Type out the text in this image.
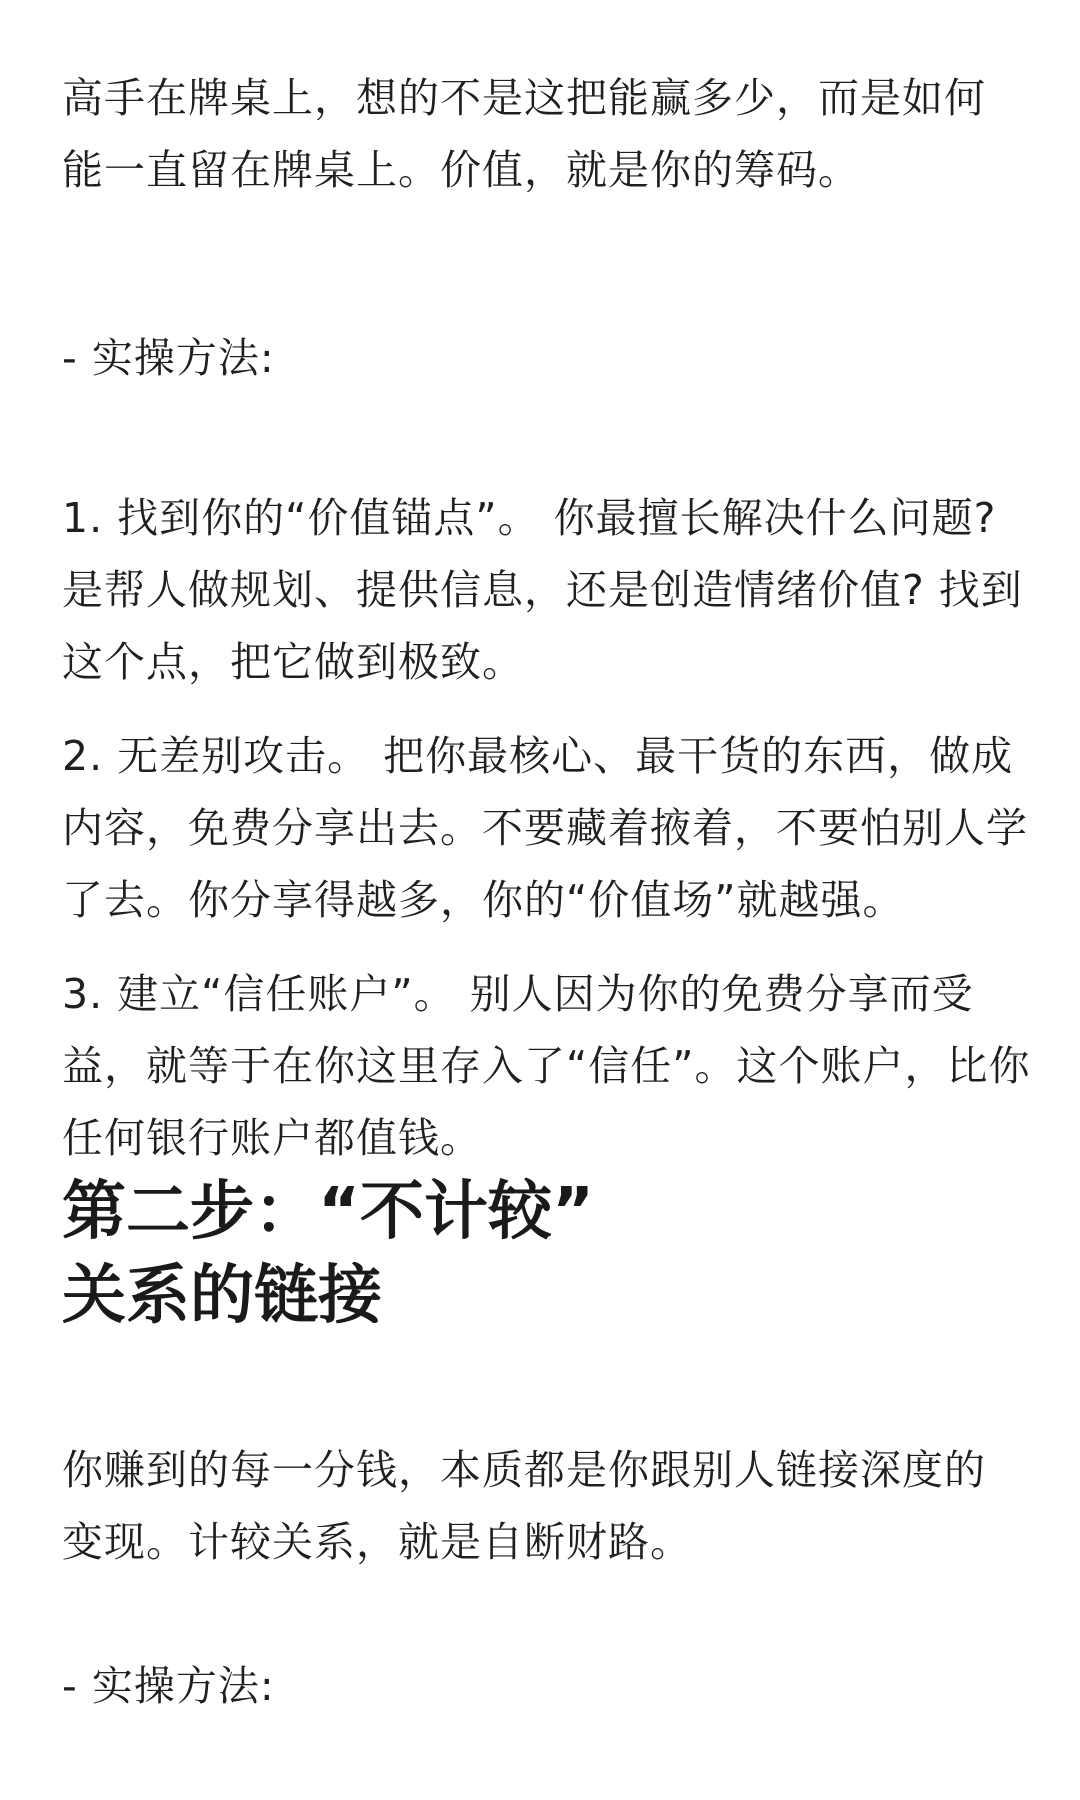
高手在牌桌上，想的不是这把能赢多少，而是如何
能一直留在牌桌上。价值，就是你的筹码。

- 实操方法:

1. 找到你的“价值锚点”。 你最擅长解决什么问题?
是帮人做规划、提供信息，还是创造情绪价值? 找到
这个点，把它做到极致。

2. 无差别攻击。 把你最核心、最干货的东西，做成
内容，免费分享出去。不要藏着掖着，不要怕别人学
了去。你分享得越多，你的“价值场”就越强。

3. 建立“信任账户”。 别人因为你的免费分享而受
益，就等于在你这里存入了“信任”。这个账户，比你
任何银行账户都值钱。

第二步：“不计较”
关系的链接

你赚到的每一分钱，本质都是你跟别人链接深度的
变现。计较关系，就是自断财路。

- 实操方法:
